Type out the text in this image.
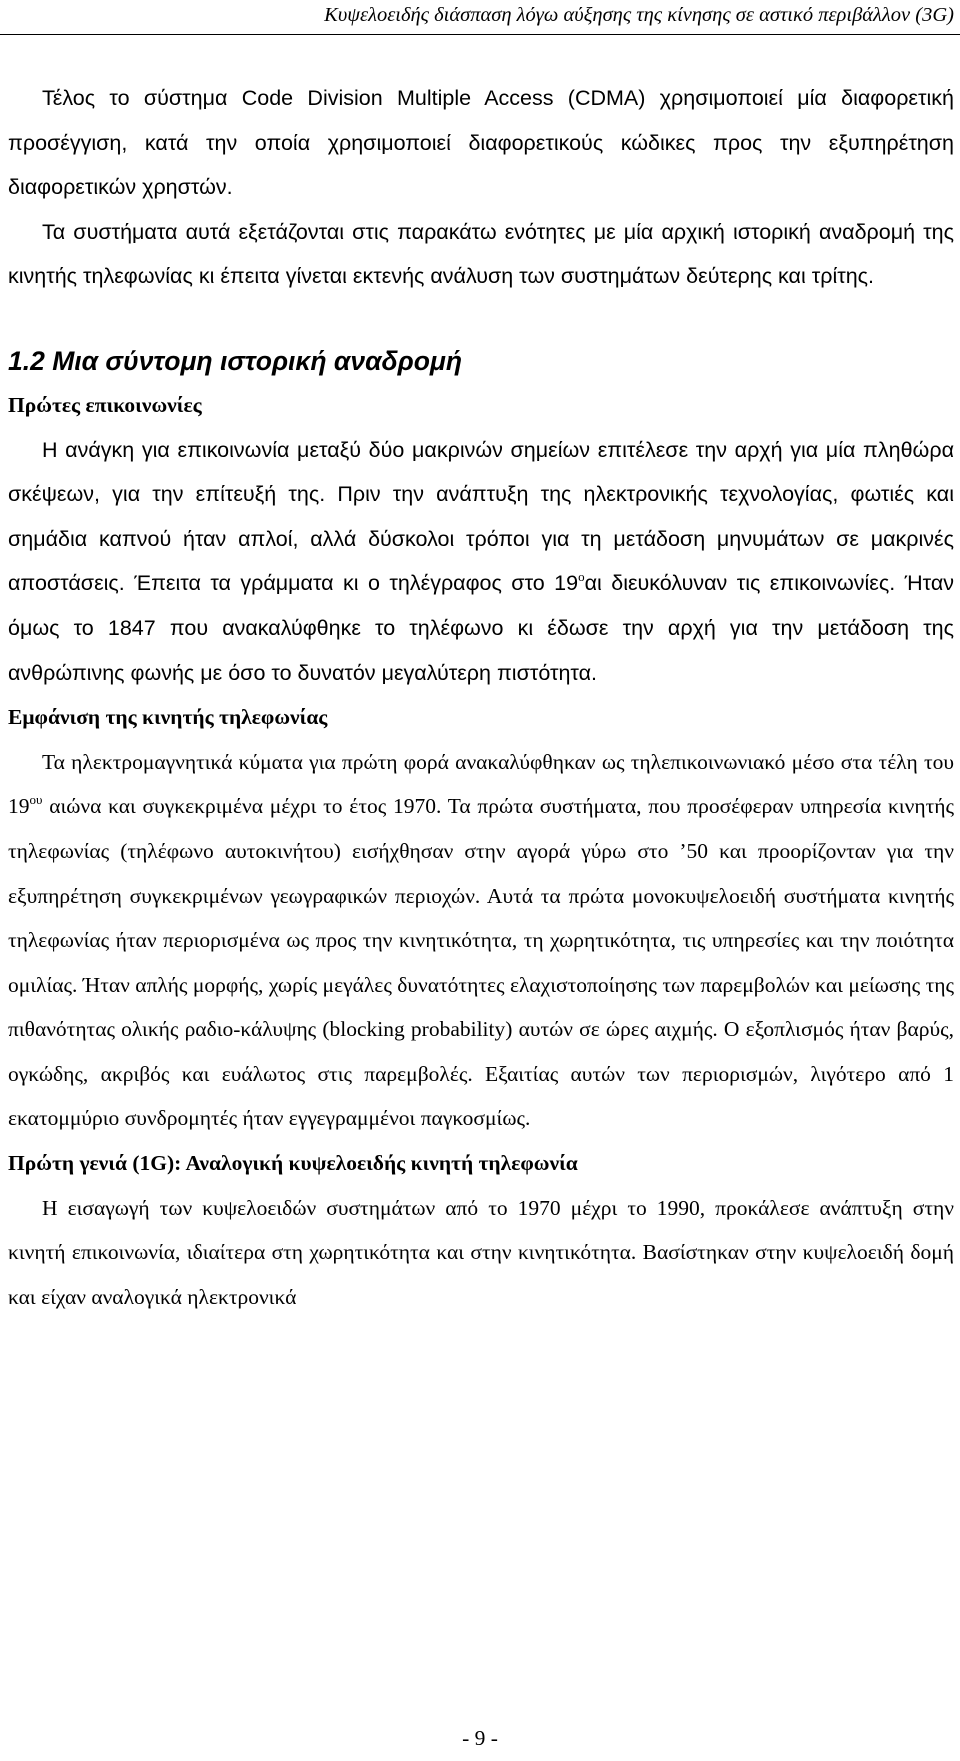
Κυψελοειδής διάσπαση λόγω αύξησης της κίνησης σε αστικό περιβάλλον (3G)

Τέλος το σύστημα Code Division Multiple Access (CDMA) χρησιμοποιεί μία διαφορετική προσέγγιση, κατά την οποία χρησιμοποιεί διαφορετικούς κώδικες προς την εξυπηρέτηση διαφορετικών χρηστών.

Τα συστήματα αυτά εξετάζονται στις παρακάτω ενότητες με μία αρχική ιστορική αναδρομή της κινητής τηλεφωνίας κι έπειτα γίνεται εκτενής ανάλυση των συστημάτων δεύτερης και τρίτης.

1.2 Μια σύντομη ιστορική αναδρομή
Πρώτες επικοινωνίες

Η ανάγκη για επικοινωνία μεταξύ δύο μακρινών σημείων επιτέλεσε την αρχή για μία πληθώρα σκέψεων, για την επίτευξή της. Πριν την ανάπτυξη της ηλεκτρονικής τεχνολογίας, φωτιές και σημάδια καπνού ήταν απλοί, αλλά δύσκολοι τρόποι για τη μετάδοση μηνυμάτων σε μακρινές αποστάσεις. Έπειτα τα γράμματα κι ο τηλέγραφος στο $19^o\alpha\iota$ διευκόλυναν τις επικοινωνίες. Ήταν όμως το 1847 που ανακαλύφθηκε το τηλέφωνο κι έδωσε την αρχή για την μετάδοση της ανθρώπινης φωνής με όσο το δυνατόν μεγαλύτερη πιστότητα.

Εμφάνιση της κινητής τηλεφωνίας

Τα ηλεκτρομαγνητικά κύματα για πρώτη φορά ανακαλύφθηκαν ως τηλεπικοινωνιακό μέσο στα τέλη του $19^{o\upsilon}$ αιώνα και συγκεκριμένα μέχρι το έτος 1970. Τα πρώτα συστήματα, που προσέφεραν υπηρεσία κινητής τηλεφωνίας (τηλέφωνο αυτοκινήτου) εισήχθησαν στην αγορά γύρω στο ’50 και προορίζονταν για την εξυπηρέτηση συγκεκριμένων γεωγραφικών περιοχών. Αυτά τα πρώτα μονοκυψελοειδή συστήματα κινητής τηλεφωνίας ήταν περιορισμένα ως προς την κινητικότητα, τη χωρητικότητα, τις υπηρεσίες και την ποιότητα ομιλίας. Ήταν απλής μορφής, χωρίς μεγάλες δυνατότητες ελαχιστοποίησης των παρεμβολών και μείωσης της πιθανότητας ολικής ραδιο-κάλυψης (blocking probability) αυτών σε ώρες αιχμής. Ο εξοπλισμός ήταν βαρύς, ογκώδης, ακριβός και ευάλωτος στις παρεμβολές. Εξαιτίας αυτών των περιορισμών, λιγότερο από 1 εκατομμύριο συνδρομητές ήταν εγγεγραμμένοι παγκοσμίως.

Πρώτη γενιά (1G): Αναλογική κυψελοειδής κινητή τηλεφωνία

Η εισαγωγή των κυψελοειδών συστημάτων από το 1970 μέχρι το 1990, προκάλεσε ανάπτυξη στην κινητή επικοινωνία, ιδιαίτερα στη χωρητικότητα και στην κινητικότητα. Βασίστηκαν στην κυψελοειδή δομή και είχαν αναλογικά ηλεκτρονικά

- 9 -
